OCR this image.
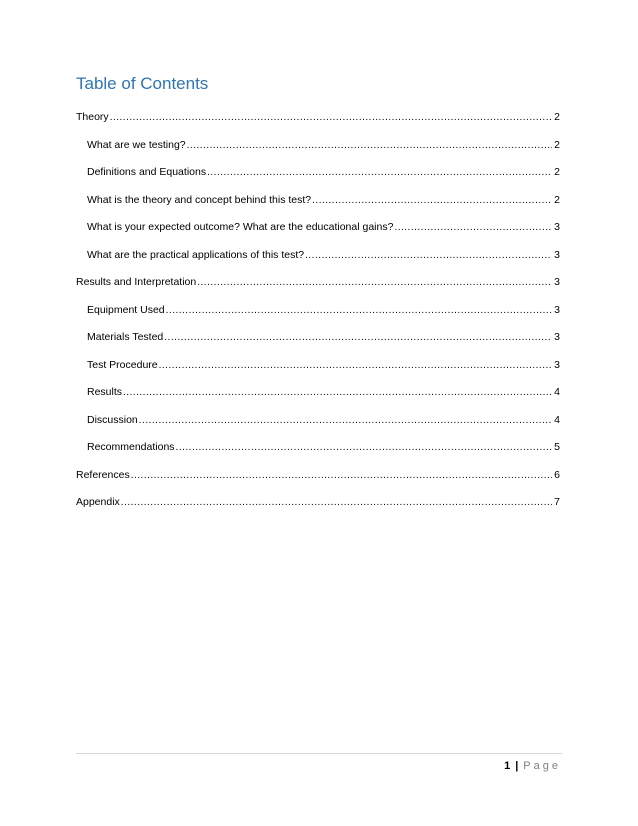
Table of Contents
Theory .....	2
What are we testing? .....	2
Definitions and Equations .....	2
What is the theory and concept behind this test? .....	2
What is your expected outcome? What are the educational gains? .....	3
What are the practical applications of this test? .....	3
Results and Interpretation .....	3
Equipment Used .....	3
Materials Tested .....	3
Test Procedure .....	3
Results .....	4
Discussion .....	4
Recommendations .....	5
References .....	6
Appendix .....	7
1 | Page
